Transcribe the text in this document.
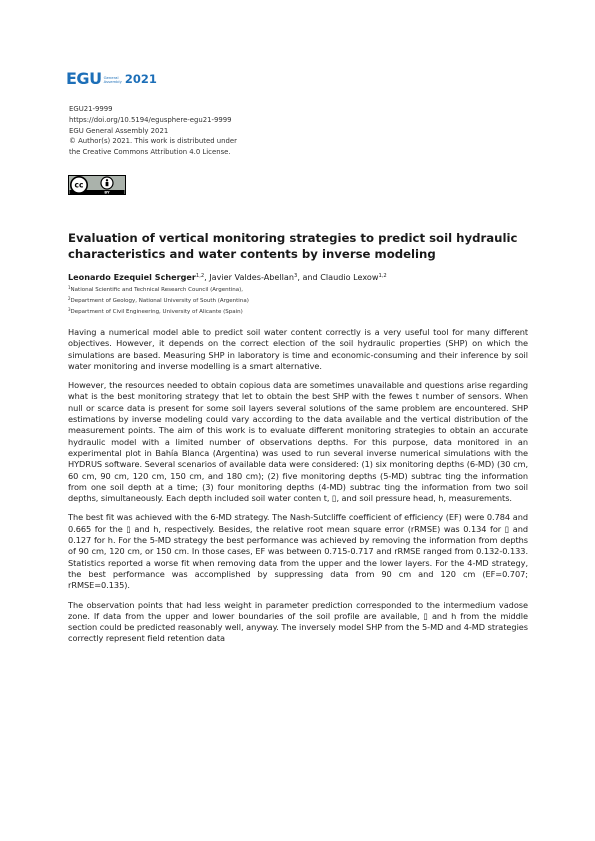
EGU General
Assembly 2021
EGU21-9999
https://doi.org/10.5194/egusphere-egu21-9999
EGU General Assembly 2021
© Author(s) 2021. This work is distributed under
the Creative Commons Attribution 4.0 License.
cc
BY
Evaluation of vertical monitoring strategies to predict soil hydraulic characteristics and water contents by inverse modeling
Leonardo Ezequiel Scherger$^{1,2}$, Javier Valdes-Abellan$^3$, and Claudio Lexow$^{1,2}$
$^1$National Scientific and Technical Research Council (Argentina),
$^2$Department of Geology, National University of South (Argentina)
$^3$Department of Civil Engineering, University of Alicante (Spain)

Having a numerical model able to predict soil water content correctly is a very useful tool for many different objectives. However, it depends on the correct election of the soil hydraulic properties (SHP) on which the simulations are based. Measuring SHP in laboratory is time and economic-consuming and their inference by soil water monitoring and inverse modelling is a smart alternative.

However, the resources needed to obtain copious data are sometimes unavailable and questions arise regarding what is the best monitoring strategy that let to obtain the best SHP with the fewes t number of sensors. When null or scarce data is present for some soil layers several solutions of the same problem are encountered. SHP estimations by inverse modeling could vary according to the data available and the vertical distribution of the measurement points. The aim of this work is to evaluate different monitoring strategies to obtain an accurate hydraulic model with a limited number of observations depths. For this purpose, data monitored in an experimental plot in Bahía Blanca (Argentina) was used to run several inverse numerical simulations with the HYDRUS software. Several scenarios of available data were considered: (1) six monitoring depths (6-MD) (30 cm, 60 cm, 90 cm, 120 cm, 150 cm, and 180 cm); (2) five monitoring depths (5-MD) subtrac ting the information from one soil depth at a time; (3) four monitoring depths (4-MD) subtrac ting the information from two soil depths, simultaneously. Each depth included soil water conten t, ▯, and soil pressure head, h, measurements.

The best fit was achieved with the 6-MD strategy. The Nash-Sutcliffe coefficient of efficiency (EF) were 0.784 and 0.665 for the ▯ and h, respectively. Besides, the relative root mean square error (rRMSE) was 0.134 for ▯ and 0.127 for h. For the 5-MD strategy the best performance was achieved by removing the information from depths of 90 cm, 120 cm, or 150 cm. In those cases, EF was between 0.715-0.717 and rRMSE ranged from 0.132-0.133. Statistics reported a worse fit when removing data from the upper and the lower layers. For the 4-MD strategy, the best performance was accomplished by suppressing data from 90 cm and 120 cm (EF=0.707; rRMSE=0.135).

The observation points that had less weight in parameter prediction corresponded to the intermedium vadose zone. If data from the upper and lower boundaries of the soil profile are available, ▯ and h from the middle section could be predicted reasonably well, anyway. The inversely model SHP from the 5-MD and 4-MD strategies correctly represent field retention data
